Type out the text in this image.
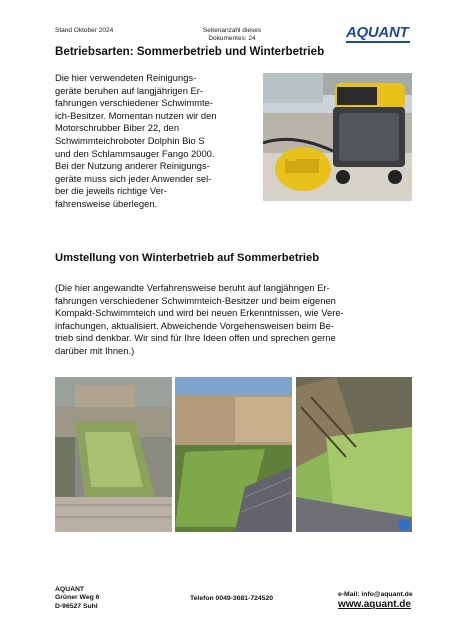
Stand Oktober 2024	Seitenanzahl dieses
Dokumentes: 24	AQUANT
Betriebsarten: Sommerbetrieb und Winterbetrieb
Die hier verwendeten Reinigungs-
geräte beruhen auf langjährigen Er-
fahrungen verschiedener Schwimmte-
ich-Besitzer. Momentan nutzen wir den
Motorschrubber Biber 22, den
Schwimmteichroboter Dolphin Bio S
und den Schlammsauger Fango 2000.
Bei der Nutzung anderer Reinigungs-
geräte muss sich jeder Anwender sel-
ber die jeweils richtige Ver-
fahrensweise überlegen.
Umstellung von Winterbetrieb auf Sommerbetrieb
(Die hier angewandte Verfahrensweise beruht auf langjährigen Er-
fahrungen verschiedener Schwimmteich-Besitzer und beim eigenen
Kompakt-Schwimmteich und wird bei neuen Erkenntnissen, wie Vere-
infachungen, aktualisiert. Abweichende Vorgehensweisen beim Be-
trieb sind denkbar. Wir sind für Ihre Ideen offen und sprechen gerne
darüber mit Ihnen.)
AQUANT
Grüner Weg 6
D-96527 Suhl
Telefon 0049-3681-724520
e-Mail: info@aquant.de
www.aquant.de
